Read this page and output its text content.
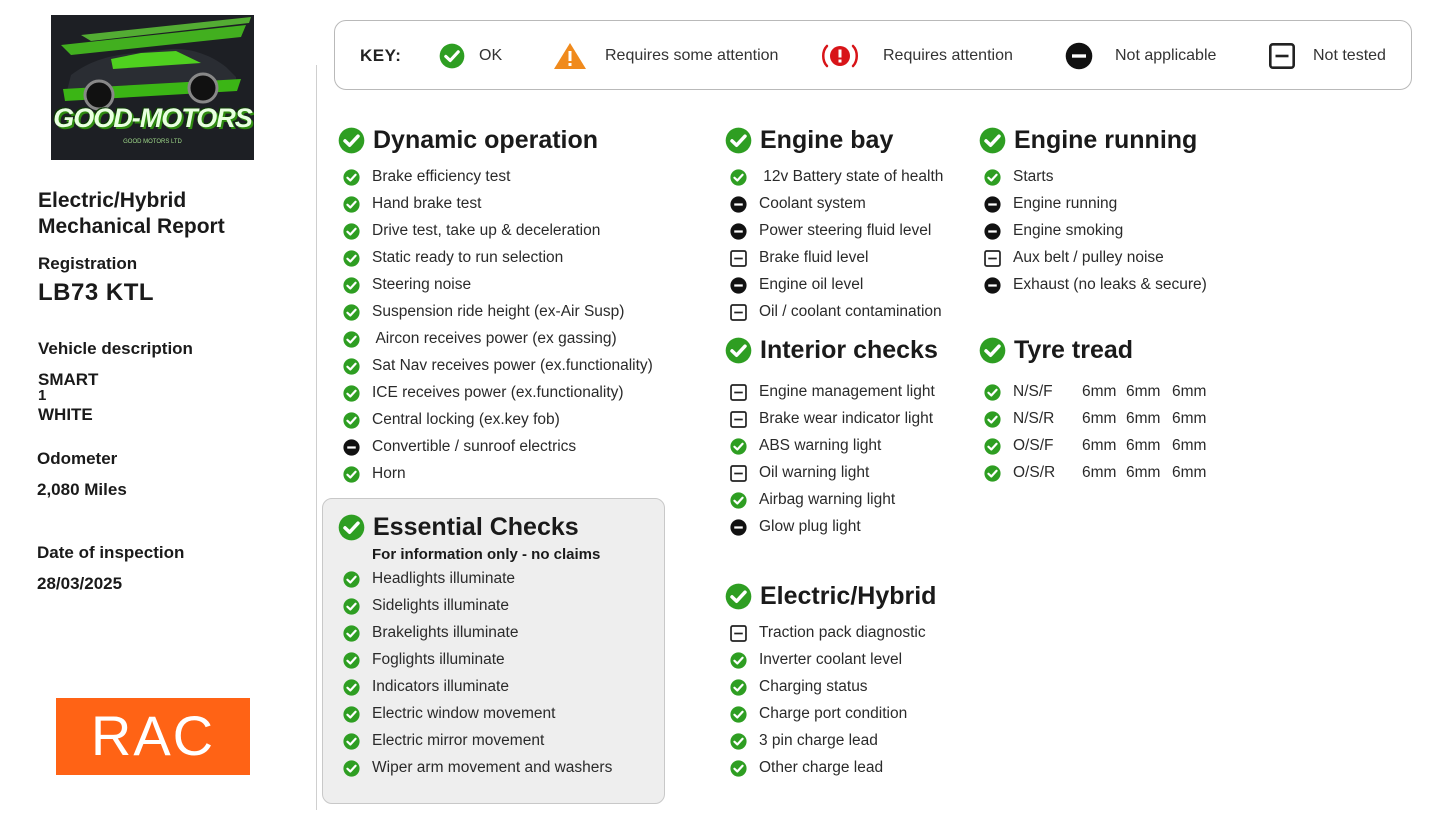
GOOD-MOTORS
GOOD MOTORS LTD
Electric/Hybrid
Mechanical Report
Registration
LB73 KTL
Vehicle description
SMART
1
WHITE
Odometer
2,080 Miles
Date of inspection
28/03/2025
RAC
KEY:	OK	Requires some attention	Requires attention	Not applicable	Not tested
For information only - no claims
Dynamic operation
Brake efficiency test
Hand brake test
Drive test, take up & deceleration
Static ready to run selection
Steering noise
Suspension ride height (ex-Air Susp)
Aircon receives power (ex gassing)
Sat Nav receives power (ex.functionality)
ICE receives power (ex.functionality)
Central locking (ex.key fob)
Convertible / sunroof electrics
Horn
Essential Checks
Headlights illuminate
Sidelights illuminate
Brakelights illuminate
Foglights illuminate
Indicators illuminate
Electric window movement
Electric mirror movement
Wiper arm movement and washers
Engine bay
12v Battery state of health
Coolant system
Power steering fluid level
Brake fluid level
Engine oil level
Oil / coolant contamination
Interior checks
Engine management light
Brake wear indicator light
ABS warning light
Oil warning light
Airbag warning light
Glow plug light
Electric/Hybrid
Traction pack diagnostic
Inverter coolant level
Charging status
Charge port condition
3 pin charge lead
Other charge lead
Engine running
Starts
Engine running
Engine smoking
Aux belt / pulley noise
Exhaust (no leaks & secure)
Tyre tread
N/S/F 6mm 6mm 6mm
N/S/R 6mm 6mm 6mm
O/S/F 6mm 6mm 6mm
O/S/R 6mm 6mm 6mm
